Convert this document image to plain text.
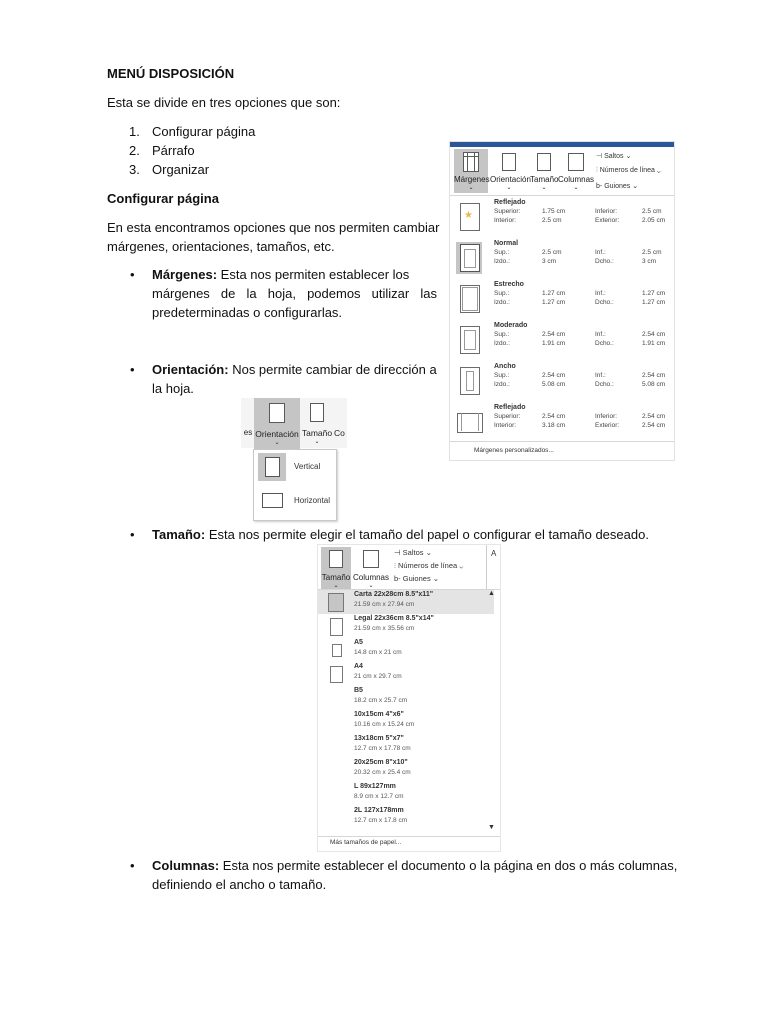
MENÚ DISPOSICIÓN
Esta se divide en tres opciones que son:
1. Configurar página
2. Párrafo
3. Organizar
Configurar página
En esta encontramos opciones que nos permiten cambiar
márgenes, orientaciones, tamaños, etc.
• Márgenes: Esta nos permiten establecer los
márgenes de la hoja, podemos utilizar las
predeterminadas o configurarlas.
• Orientación: Nos permite cambiar de dirección a
la hoja.
• Tamaño: Esta nos permite elegir el tamaño del papel o configurar el tamaño deseado.
• Columnas: Esta nos permite establecer el documento o la página en dos o más columnas,
definiendo el ancho o tamaño.
Márgenes
⌄
Orientación
⌄
Tamaño
⌄
Columnas
⌄
⊣ Saltos ⌄
⫶ Números de línea ⌄
b- Guiones ⌄
★
Reflejado
Superior:	1.75 cm	Inferior:	2.5 cm
Interior:	2.5 cm	Exterior:	2.05 cm
Normal
Sup.:	2.5 cm	Inf.:	2.5 cm
Izdo.:	3 cm	Dcho.:	3 cm
Estrecho
Sup.:	1.27 cm	Inf.:	1.27 cm
Izdo.:	1.27 cm	Dcho.:	1.27 cm
Moderado
Sup.:	2.54 cm	Inf.:	2.54 cm
Izdo.:	1.91 cm	Dcho.:	1.91 cm
Ancho
Sup.:	2.54 cm	Inf.:	2.54 cm
Izdo.:	5.08 cm	Dcho.:	5.08 cm
Reflejado
Superior:	2.54 cm	Inferior:	2.54 cm
Interior:	3.18 cm	Exterior:	2.54 cm
Márgenes personalizados...
es Orientación
⌄
Tamaño
⌄
Co
Vertical
Horizontal
Tamaño
⌄
Columnas
⌄
⊣ Saltos ⌄
⫶ Números de línea ⌄
b- Guiones ⌄
A
Carta 22x28cm 8.5"x11"
21.59 cm x 27.94 cm
Legal 22x36cm 8.5"x14"
21.59 cm x 35.56 cm
A5
14.8 cm x 21 cm
A4
21 cm x 29.7 cm
B5
18.2 cm x 25.7 cm
10x15cm 4"x6"
10.16 cm x 15.24 cm
13x18cm 5"x7"
12.7 cm x 17.78 cm
20x25cm 8"x10"
20.32 cm x 25.4 cm
L 89x127mm
8.9 cm x 12.7 cm
2L 127x178mm
12.7 cm x 17.8 cm
▲
▼
Más tamaños de papel...
